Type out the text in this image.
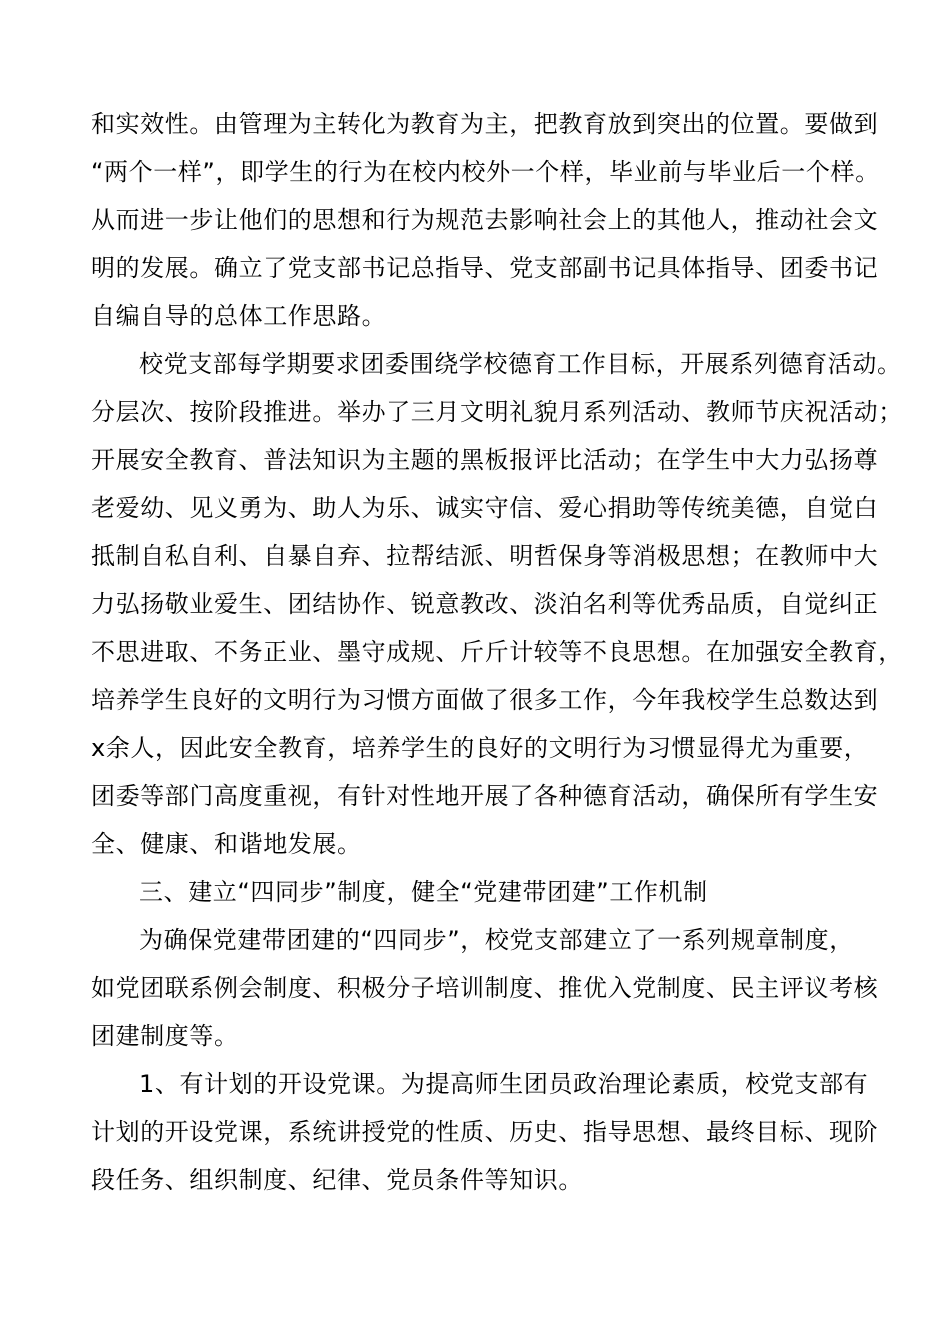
和实效性。由管理为主转化为教育为主，把教育放到突出的位置。要做到

“两个一样”，即学生的行为在校内校外一个样，毕业前与毕业后一个样。

从而进一步让他们的思想和行为规范去影响社会上的其他人，推动社会文

明的发展。确立了党支部书记总指导、党支部副书记具体指导、团委书记

自编自导的总体工作思路。

校党支部每学期要求团委围绕学校德育工作目标，开展系列德育活动。

分层次、按阶段推进。举办了三月文明礼貌月系列活动、教师节庆祝活动；

开展安全教育、普法知识为主题的黑板报评比活动；在学生中大力弘扬尊

老爱幼、见义勇为、助人为乐、诚实守信、爱心捐助等传统美德，自觉白

抵制自私自利、自暴自弃、拉帮结派、明哲保身等消极思想；在教师中大

力弘扬敬业爱生、团结协作、锐意教改、淡泊名利等优秀品质，自觉纠正

不思进取、不务正业、墨守成规、斤斤计较等不良思想。在加强安全教育，

培养学生良好的文明行为习惯方面做了很多工作，今年我校学生总数达到

x余人，因此安全教育，培养学生的良好的文明行为习惯显得尤为重要，

团委等部门高度重视，有针对性地开展了各种德育活动，确保所有学生安

全、健康、和谐地发展。

三、建立“四同步”制度，健全“党建带团建”工作机制

为确保党建带团建的“四同步”，校党支部建立了一系列规章制度，

如党团联系例会制度、积极分子培训制度、推优入党制度、民主评议考核

团建制度等。

1、有计划的开设党课。为提高师生团员政治理论素质，校党支部有

计划的开设党课，系统讲授党的性质、历史、指导思想、最终目标、现阶

段任务、组织制度、纪律、党员条件等知识。
